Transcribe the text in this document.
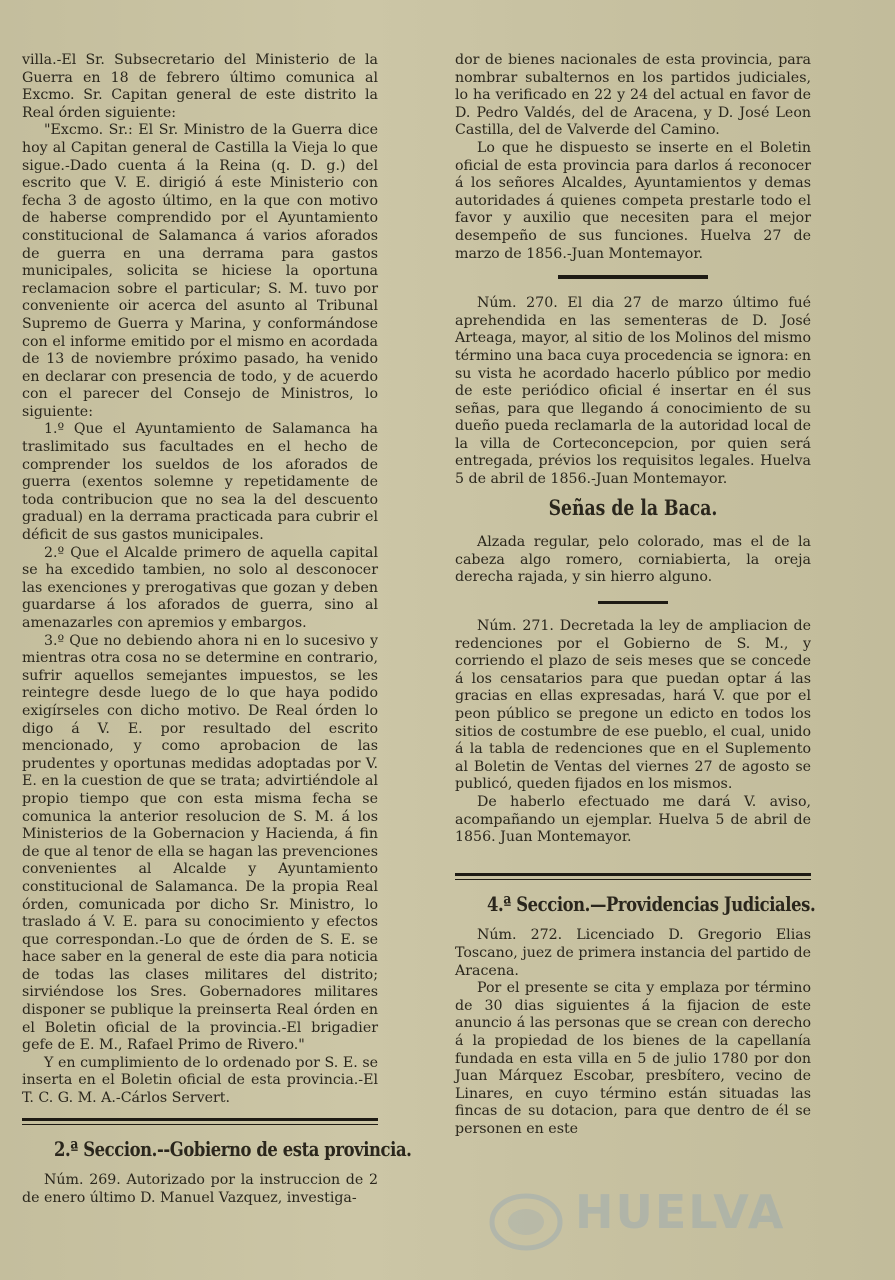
villa.-El Sr. Subsecretario del Ministerio de la Guerra en 18 de febrero último comunica al Excmo. Sr. Capitan general de este distrito la Real órden siguiente:

"Excmo. Sr.: El Sr. Ministro de la Guerra dice hoy al Capitan general de Castilla la Vieja lo que sigue.-Dado cuenta á la Reina (q. D. g.) del escrito que V. E. dirigió á este Ministerio con fecha 3 de agosto último, en la que con motivo de haberse comprendido por el Ayuntamiento constitucional de Salamanca á varios aforados de guerra en una derrama para gastos municipales, solicita se hiciese la oportuna reclamacion sobre el particular; S. M. tuvo por conveniente oir acerca del asunto al Tribunal Supremo de Guerra y Marina, y conformándose con el informe emitido por el mismo en acordada de 13 de noviembre próximo pasado, ha venido en declarar con presencia de todo, y de acuerdo con el parecer del Consejo de Ministros, lo siguiente:

1.º Que el Ayuntamiento de Salamanca ha traslimitado sus facultades en el hecho de comprender los sueldos de los aforados de guerra (exentos solemne y repetidamente de toda contribucion que no sea la del descuento gradual) en la derrama practicada para cubrir el déficit de sus gastos municipales.

2.º Que el Alcalde primero de aquella capital se ha excedido tambien, no solo al desconocer las exenciones y prerogativas que gozan y deben guardarse á los aforados de guerra, sino al amenazarles con apremios y embargos.

3.º Que no debiendo ahora ni en lo sucesivo y mientras otra cosa no se determine en contrario, sufrir aquellos semejantes impuestos, se les reintegre desde luego de lo que haya podido exigírseles con dicho motivo. De Real órden lo digo á V. E. por resultado del escrito mencionado, y como aprobacion de las prudentes y oportunas medidas adoptadas por V. E. en la cuestion de que se trata; advirtiéndole al propio tiempo que con esta misma fecha se comunica la anterior resolucion de S. M. á los Ministerios de la Gobernacion y Hacienda, á fin de que al tenor de ella se hagan las prevenciones convenientes al Alcalde y Ayuntamiento constitucional de Salamanca. De la propia Real órden, comunicada por dicho Sr. Ministro, lo traslado á V. E. para su conocimiento y efectos que correspondan.-Lo que de órden de S. E. se hace saber en la general de este dia para noticia de todas las clases militares del distrito; sirviéndose los Sres. Gobernadores militares disponer se publique la preinserta Real órden en el Boletin oficial de la provincia.-El brigadier gefe de E. M., Rafael Primo de Rivero."

Y en cumplimiento de lo ordenado por S. E. se inserta en el Boletin oficial de esta provincia.-El T. C. G. M. A.-Cárlos Servert.

2.ª Seccion.--Gobierno de esta provincia.

Núm. 269. Autorizado por la instruccion de 2 de enero último D. Manuel Vazquez, investiga-

dor de bienes nacionales de esta provincia, para nombrar subalternos en los partidos judiciales, lo ha verificado en 22 y 24 del actual en favor de D. Pedro Valdés, del de Aracena, y D. José Leon Castilla, del de Valverde del Camino.

Lo que he dispuesto se inserte en el Boletin oficial de esta provincia para darlos á reconocer á los señores Alcaldes, Ayuntamientos y demas autoridades á quienes competa prestarle todo el favor y auxilio que necesiten para el mejor desempeño de sus funciones. Huelva 27 de marzo de 1856.-Juan Montemayor.

Núm. 270. El dia 27 de marzo último fué aprehendida en las sementeras de D. José Arteaga, mayor, al sitio de los Molinos del mismo término una baca cuya procedencia se ignora: en su vista he acordado hacerlo público por medio de este periódico oficial é insertar en él sus señas, para que llegando á conocimiento de su dueño pueda reclamarla de la autoridad local de la villa de Corteconcepcion, por quien será entregada, prévios los requisitos legales. Huelva 5 de abril de 1856.-Juan Montemayor.

Señas de la Baca.

Alzada regular, pelo colorado, mas el de la cabeza algo romero, corniabierta, la oreja derecha rajada, y sin hierro alguno.

Núm. 271. Decretada la ley de ampliacion de redenciones por el Gobierno de S. M., y corriendo el plazo de seis meses que se concede á los censatarios para que puedan optar á las gracias en ellas expresadas, hará V. que por el peon público se pregone un edicto en todos los sitios de costumbre de ese pueblo, el cual, unido á la tabla de redenciones que en el Suplemento al Boletin de Ventas del viernes 27 de agosto se publicó, queden fijados en los mismos.

De haberlo efectuado me dará V. aviso, acompañando un ejemplar. Huelva 5 de abril de 1856. Juan Montemayor.

4.ª Seccion.—Providencias Judiciales.

Núm. 272. Licenciado D. Gregorio Elias Toscano, juez de primera instancia del partido de Aracena.

Por el presente se cita y emplaza por término de 30 dias siguientes á la fijacion de este anuncio á las personas que se crean con derecho á la propiedad de los bienes de la capellanía fundada en esta villa en 5 de julio 1780 por don Juan Márquez Escobar, presbítero, vecino de Linares, en cuyo término están situadas las fincas de su dotacion, para que dentro de él se personen en este

HUELVA
